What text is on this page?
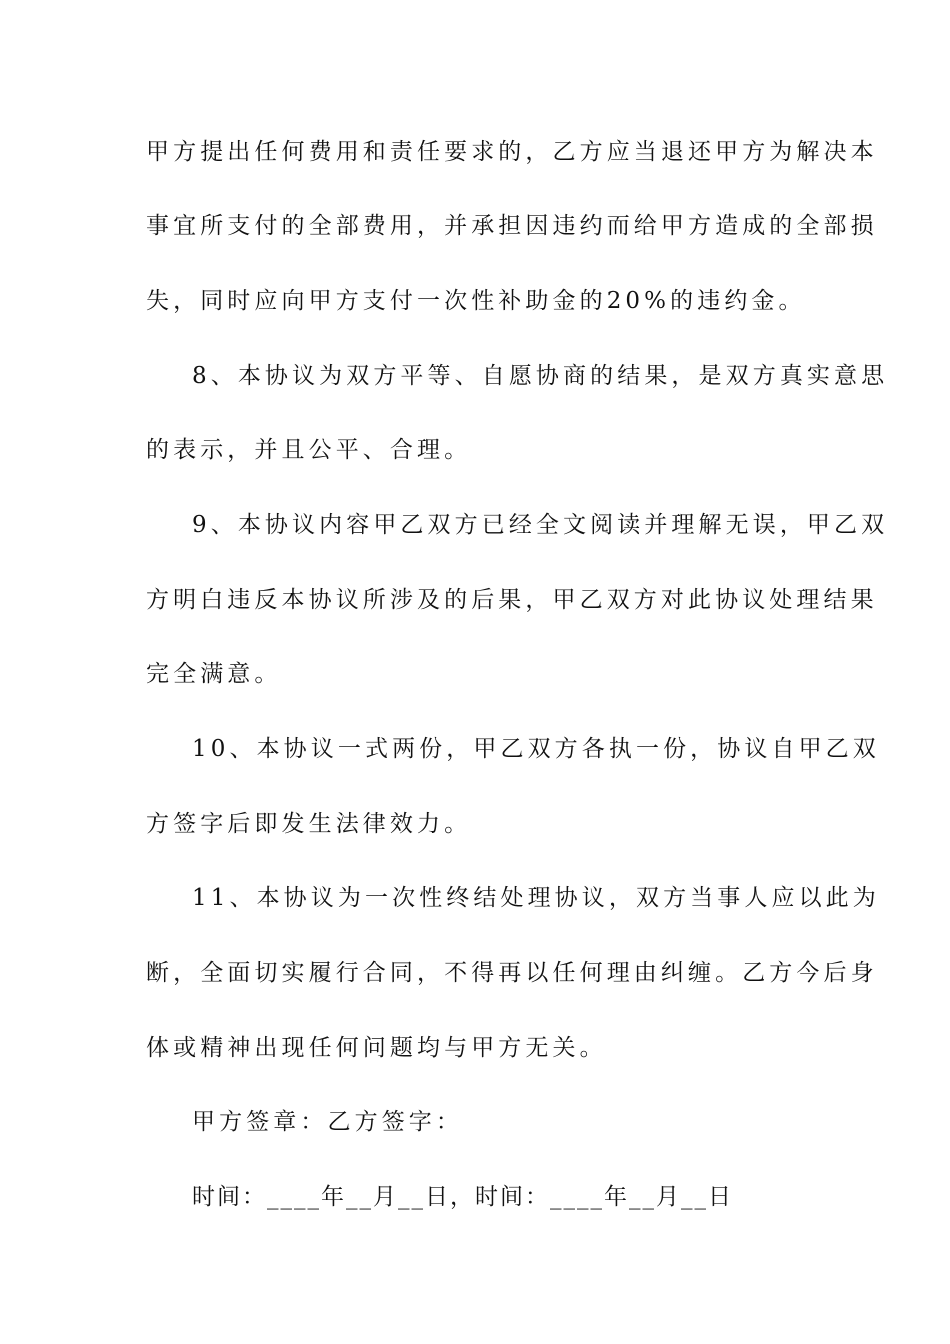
甲方提出任何费用和责任要求的，乙方应当退还甲方为解决本
事宜所支付的全部费用，并承担因违约而给甲方造成的全部损
失，同时应向甲方支付一次性补助金的20%的违约金。
8、本协议为双方平等、自愿协商的结果，是双方真实意思
的表示，并且公平、合理。
9、本协议内容甲乙双方已经全文阅读并理解无误，甲乙双
方明白违反本协议所涉及的后果，甲乙双方对此协议处理结果
完全满意。
10、本协议一式两份，甲乙双方各执一份，协议自甲乙双
方签字后即发生法律效力。
11、本协议为一次性终结处理协议，双方当事人应以此为
断，全面切实履行合同，不得再以任何理由纠缠。乙方今后身
体或精神出现任何问题均与甲方无关。
甲方签章：乙方签字：
时间：____年__月__日，时间：____年__月__日
